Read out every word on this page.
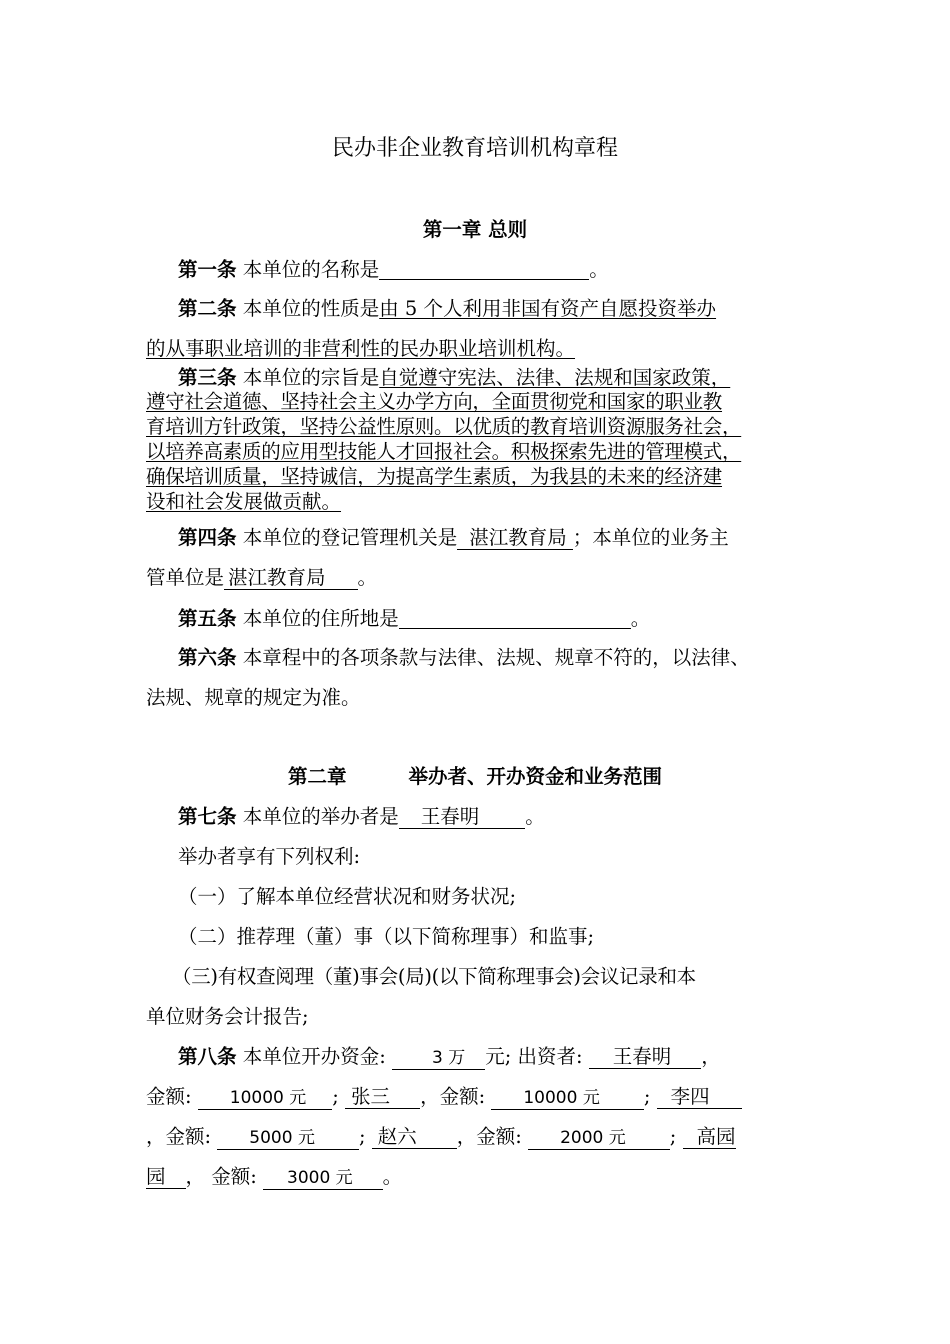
民办非企业教育培训机构章程
第一章 总则
第一条 本单位的名称是	。
第二条 本单位的性质是由 5 个人利用非国有资产自愿投资举办
的从事职业培训的非营利性的民办职业培训机构。
第三条 本单位的宗旨是自觉遵守宪法、法律、法规和国家政策，
遵守社会道德、坚持社会主义办学方向，全面贯彻党和国家的职业教
育培训方针政策，坚持公益性原则。以优质的教育培训资源服务社会，
以培养高素质的应用型技能人才回报社会。积极探索先进的管理模式，
确保培训质量，坚持诚信，为提高学生素质，为我县的未来的经济建
设和社会发展做贡献。
第四条 本单位的登记管理机关是 湛江教育局 ；本单位的业务主
管单位是 湛江教育局 。
第五条 本单位的住所地是	。
第六条 本章程中的各项条款与法律、法规、规章不符的，以法律、
法规、规章的规定为准。
第二章	举办者、开办资金和业务范围
第七条 本单位的举办者是 王春明 。
举办者享有下列权利:
（一）了解本单位经营状况和财务状况;
（二）推荐理（董）事（以下简称理事）和监事;
（三)有权查阅理（董)事会(局)(以下简称理事会)会议记录和本
单位财务会计报告;
第八条 本单位开办资金:	3 万 元; 出资者: 王春明 ，
金额: 10000 元 ; 张三 ，金额: 10000 元 ; 李四
，金额: 5000 元 ; 赵六 ，金额: 2000 元 ; 高园
园 ， 金额: 3000 元 。
